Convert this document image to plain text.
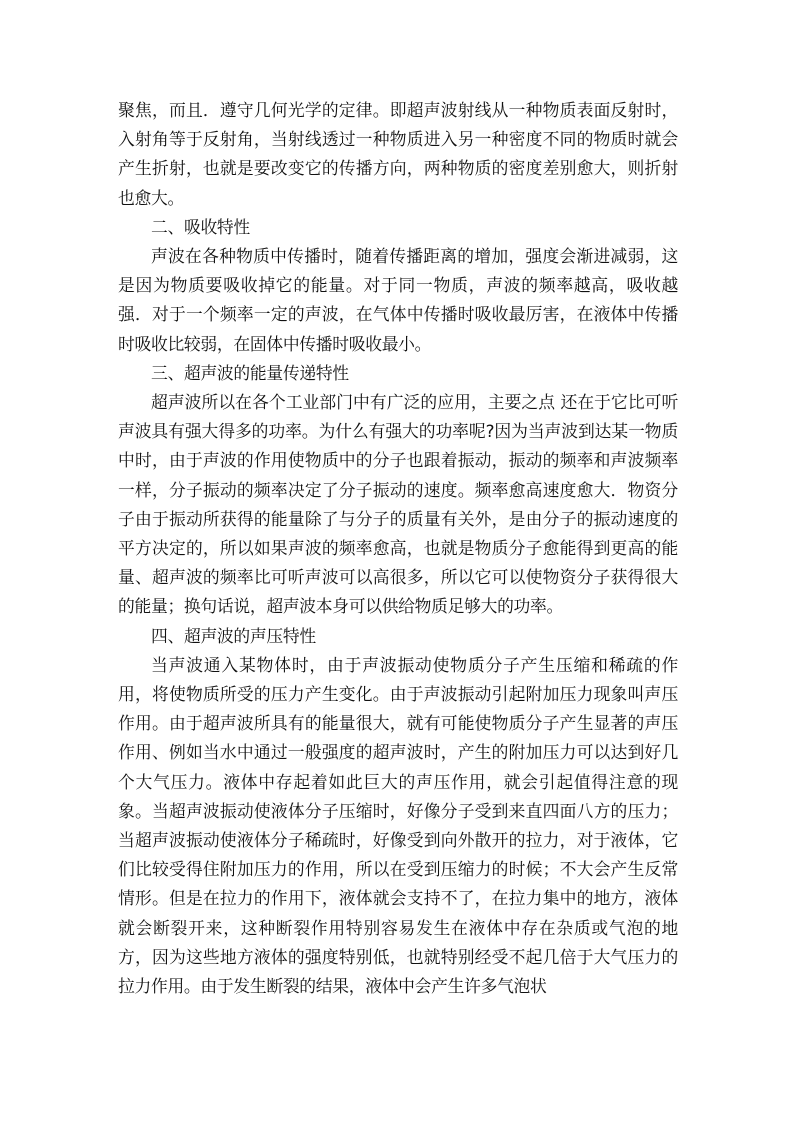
聚焦，而且．遵守几何光学的定律。即超声波射线从一种物质表面反射时，入射角等于反射角，当射线透过一种物质进入另一种密度不同的物质时就会产生折射，也就是要改变它的传播方向，两种物质的密度差别愈大，则折射也愈大。

二、吸收特性

声波在各种物质中传播时，随着传播距离的增加，强度会渐进减弱，这是因为物质要吸收掉它的能量。对于同一物质，声波的频率越高，吸收越强．对于一个频率一定的声波，在气体中传播时吸收最厉害，在液体中传播时吸收比较弱，在固体中传播时吸收最小。

三、超声波的能量传递特性

超声波所以在各个工业部门中有广泛的应用，主要之点 还在于它比可听声波具有强大得多的功率。为什么有强大的功率呢?因为当声波到达某一物质中时，由于声波的作用使物质中的分子也跟着振动，振动的频率和声波频率一样，分子振动的频率决定了分子振动的速度。频率愈高速度愈大．物资分子由于振动所获得的能量除了与分子的质量有关外，是由分子的振动速度的平方决定的，所以如果声波的频率愈高，也就是物质分子愈能得到更高的能量、超声波的频率比可听声波可以高很多，所以它可以使物资分子获得很大的能量；换句话说，超声波本身可以供给物质足够大的功率。

四、超声波的声压特性

当声波通入某物体时，由于声波振动使物质分子产生压缩和稀疏的作用，将使物质所受的压力产生变化。由于声波振动引起附加压力现象叫声压作用。由于超声波所具有的能量很大，就有可能使物质分子产生显著的声压作用、例如当水中通过一般强度的超声波时，产生的附加压力可以达到好几个大气压力。液体中存起着如此巨大的声压作用，就会引起值得注意的现象。当超声波振动使液体分子压缩时，好像分子受到来直四面八方的压力；当超声波振动使液体分子稀疏时，好像受到向外散开的拉力，对于液体，它们比较受得住附加压力的作用，所以在受到压缩力的时候；不大会产生反常情形。但是在拉力的作用下，液体就会支持不了，在拉力集中的地方，液体就会断裂开来，这种断裂作用特别容易发生在液体中存在杂质或气泡的地方，因为这些地方液体的强度特别低，也就特别经受不起几倍于大气压力的拉力作用。由于发生断裂的结果，液体中会产生许多气泡状
